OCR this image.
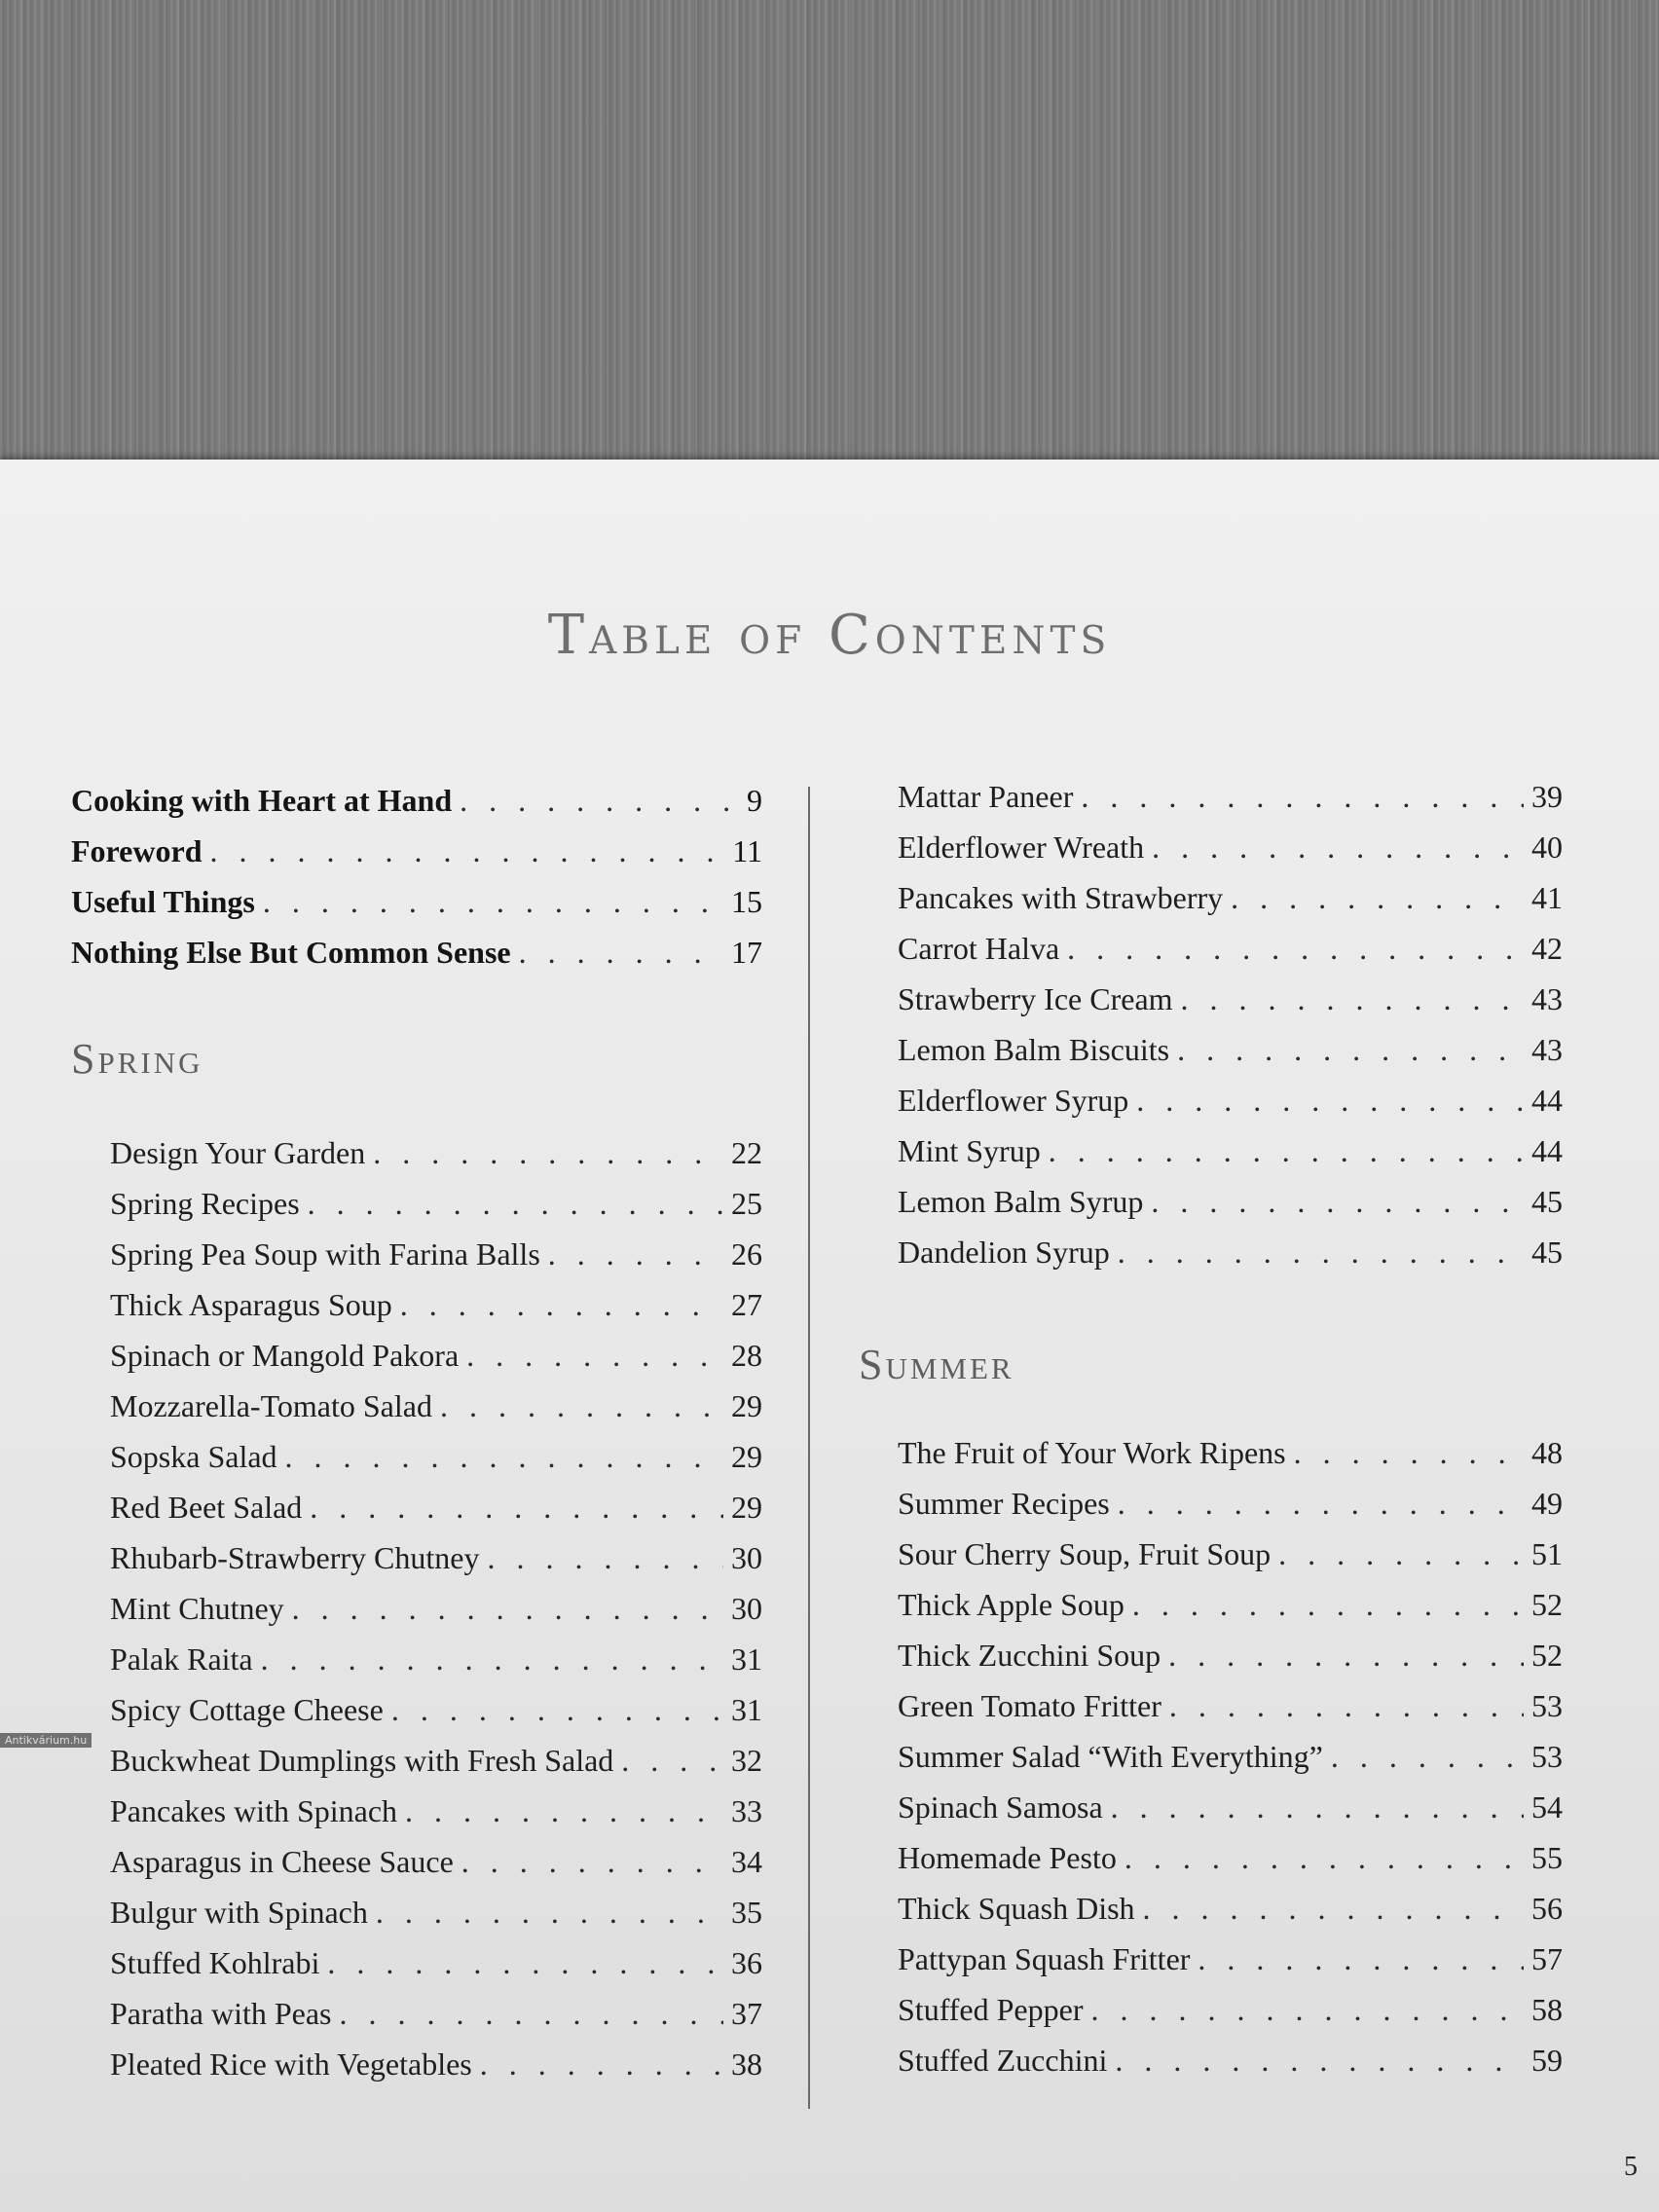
Table of Contents
Cooking with Heart at Hand . . .	9
Foreword . . .	11
Useful Things . . .	15
Nothing Else But Common Sense . . .	17
Spring
Design Your Garden . . .	22
Spring Recipes . . .	25
Spring Pea Soup with Farina Balls . . .	26
Thick Asparagus Soup . . .	27
Spinach or Mangold Pakora . . .	28
Mozzarella-Tomato Salad . . .	29
Sopska Salad . . .	29
Red Beet Salad . . .	29
Rhubarb-Strawberry Chutney . . .	30
Mint Chutney . . .	30
Palak Raita . . .	31
Spicy Cottage Cheese . . .	31
Buckwheat Dumplings with Fresh Salad . . .	32
Pancakes with Spinach . . .	33
Asparagus in Cheese Sauce . . .	34
Bulgur with Spinach . . .	35
Stuffed Kohlrabi . . .	36
Paratha with Peas . . .	37
Pleated Rice with Vegetables . . .	38
Mattar Paneer . . .	39
Elderflower Wreath . . .	40
Pancakes with Strawberry . . .	41
Carrot Halva . . .	42
Strawberry Ice Cream . . .	43
Lemon Balm Biscuits . . .	43
Elderflower Syrup . . .	44
Mint Syrup . . .	44
Lemon Balm Syrup . . .	45
Dandelion Syrup . . .	45
Summer
The Fruit of Your Work Ripens . . .	48
Summer Recipes . . .	49
Sour Cherry Soup, Fruit Soup . . .	51
Thick Apple Soup . . .	52
Thick Zucchini Soup . . .	52
Green Tomato Fritter . . .	53
Summer Salad “With Everything” . . .	53
Spinach Samosa . . .	54
Homemade Pesto . . .	55
Thick Squash Dish . . .	56
Pattypan Squash Fritter . . .	57
Stuffed Pepper . . .	58
Stuffed Zucchini . . .	59
5
Antikvárium.hu
